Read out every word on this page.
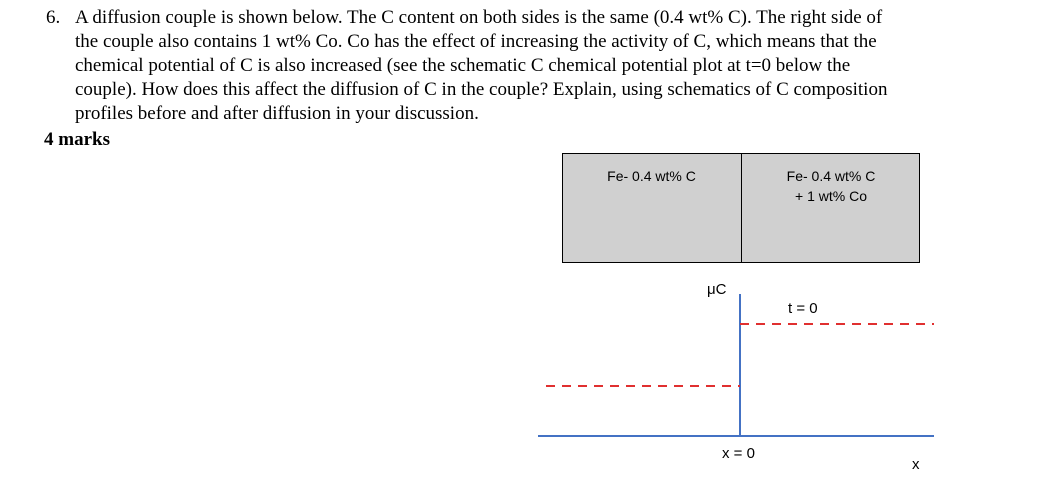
6. A diffusion couple is shown below. The C content on both sides is the same (0.4 wt% C). The right side of
the couple also contains 1 wt% Co. Co has the effect of increasing the activity of C, which means that the
chemical potential of C is also increased (see the schematic C chemical potential plot at t=0 below the
couple). How does this affect the diffusion of C in the couple? Explain, using schematics of C composition
profiles before and after diffusion in your discussion.
4 marks
Fe- 0.4 wt% C	Fe- 0.4 wt% C
+ 1 wt% Co
μC
t = 0
x = 0
x
